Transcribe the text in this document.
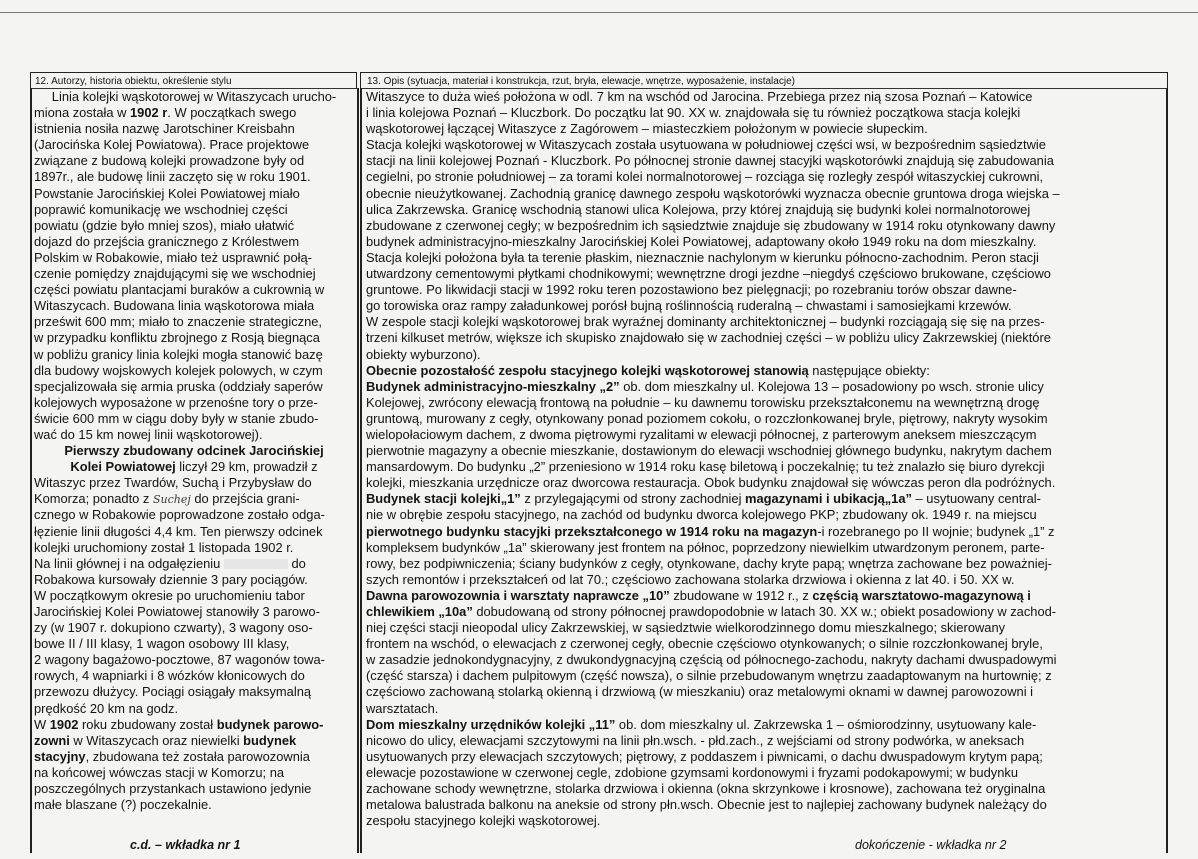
12. Autorzy, historia obiektu, określenie stylu	13. Opis (sytuacja, materiał i konstrukcja, rzut, bryła, elewacje, wnętrze, wyposażenie, instalacje)
Linia kolejki wąskotorowej w Witaszycach urucho-
miona została w 1902 r. W początkach swego
istnienia nosiła nazwę Jarotschiner Kreisbahn
(Jarocińska Kolej Powiatowa). Prace projektowe
związane z budową kolejki prowadzone były od
1897r., ale budowę linii zaczęto się w roku 1901.
Powstanie Jarocińskiej Kolei Powiatowej miało
poprawić komunikację we wschodniej części
powiatu (gdzie było mniej szos), miało ułatwić
dojazd do przejścia granicznego z Królestwem
Polskim w Robakowie, miało też usprawnić połą-
czenie pomiędzy znajdującymi się we wschodniej
części powiatu plantacjami buraków a cukrownią w
Witaszycach. Budowana linia wąskotorowa miała
prześwit 600 mm; miało to znaczenie strategiczne,
w przypadku konfliktu zbrojnego z Rosją biegnąca
w pobliżu granicy linia kolejki mogła stanowić bazę
dla budowy wojskowych kolejek polowych, w czym
specjalizowała się armia pruska (oddziały saperów
kolejowych wyposażone w przenośne tory o prze-
świcie 600 mm w ciągu doby były w stanie zbudo-
wać do 15 km nowej linii wąskotorowej).
Pierwszy zbudowany odcinek Jarocińskiej
Kolei Powiatowej liczył 29 km, prowadził z
Witaszyc przez Twardów, Suchą i Przybysław do
Komorza; ponadto z Suchej do przejścia grani-
cznego w Robakowie poprowadzone zostało odga-
łęzienie linii długości 4,4 km. Ten pierwszy odcinek
kolejki uruchomiony został 1 listopada 1902 r.
Na linii głównej i na odgałęzieniu	do
Robakowa kursowały dziennie 3 pary pociągów.
W początkowym okresie po uruchomieniu tabor
Jarocińskiej Kolei Powiatowej stanowiły 3 parowo-
zy (w 1907 r. dokupiono czwarty), 3 wagony oso-
bowe II / III klasy, 1 wagon osobowy III klasy,
2 wagony bagażowo-pocztowe, 87 wagonów towa-
rowych, 4 wapniarki i 8 wózków kłonicowych do
przewozu dłużycy. Pociągi osiągały maksymalną
prędkość 20 km na godz.
W 1902 roku zbudowany został budynek parowo-
zowni w Witaszycach oraz niewielki budynek
stacyjny, zbudowana też została parowozownia
na końcowej wówczas stacji w Komorzu; na
poszczególnych przystankach ustawiono jedynie
małe blaszane (?) poczekalnie.
Witaszyce to duża wieś położona w odl. 7 km na wschód od Jarocina. Przebiega przez nią szosa Poznań – Katowice
i linia kolejowa Poznań – Kluczbork. Do początku lat 90. XX w. znajdowała się tu również początkowa stacja kolejki
wąskotorowej łączącej Witaszyce z Zagórowem – miasteczkiem położonym w powiecie słupeckim.
Stacja kolejki wąskotorowej w Witaszycach została usytuowana w południowej części wsi, w bezpośrednim sąsiedztwie
stacji na linii kolejowej Poznań - Kluczbork. Po północnej stronie dawnej stacyjki wąskotorówki znajdują się zabudowania
cegielni, po stronie południowej – za torami kolei normalnotorowej – rozciąga się rozległy zespół witaszyckiej cukrowni,
obecnie nieużytkowanej. Zachodnią granicę dawnego zespołu wąskotorówki wyznacza obecnie gruntowa droga wiejska –
ulica Zakrzewska. Granicę wschodnią stanowi ulica Kolejowa, przy której znajdują się budynki kolei normalnotorowej
zbudowane z czerwonej cegły; w bezpośrednim ich sąsiedztwie znajduje się zbudowany w 1914 roku otynkowany dawny
budynek administracyjno-mieszkalny Jarocińskiej Kolei Powiatowej, adaptowany około 1949 roku na dom mieszkalny.
Stacja kolejki położona była ta terenie płaskim, nieznacznie nachylonym w kierunku północno-zachodnim. Peron stacji
utwardzony cementowymi płytkami chodnikowymi; wewnętrzne drogi jezdne –niegdyś częściowo brukowane, częściowo
gruntowe. Po likwidacji stacji w 1992 roku teren pozostawiono bez pielęgnacji; po rozebraniu torów obszar dawne-
go torowiska oraz rampy załadunkowej porósł bujną roślinnością ruderalną – chwastami i samosiejkami krzewów.
W zespole stacji kolejki wąskotorowej brak wyraźnej dominanty architektonicznej – budynki rozciągają się się na przes-
trzeni kilkuset metrów, większe ich skupisko znajdowało się w zachodniej części – w pobliżu ulicy Zakrzewskiej (niektóre
obiekty wyburzono).
Obecnie pozostałość zespołu stacyjnego kolejki wąskotorowej stanowią następujące obiekty:
Budynek administracyjno-mieszkalny „2” ob. dom mieszkalny ul. Kolejowa 13 – posadowiony po wsch. stronie ulicy
Kolejowej, zwrócony elewacją frontową na południe – ku dawnemu torowisku przekształconemu na wewnętrzną drogę
gruntową, murowany z cegły, otynkowany ponad poziomem cokołu, o rozczłonkowanej bryle, piętrowy, nakryty wysokim
wielopołaciowym dachem, z dwoma piętrowymi ryzalitami w elewacji północnej, z parterowym aneksem mieszczącym
pierwotnie magazyny a obecnie mieszkanie, dostawionym do elewacji wschodniej głównego budynku, nakrytym dachem
mansardowym. Do budynku „2” przeniesiono w 1914 roku kasę biletową i poczekalnię; tu też znalazło się biuro dyrekcji
kolejki, mieszkania urzędnicze oraz dworcowa restauracja. Obok budynku znajdował się wówczas peron dla podróżnych.
Budynek stacji kolejki„1” z przylegającymi od strony zachodniej magazynami i ubikacją„1a” – usytuowany central-
nie w obrębie zespołu stacyjnego, na zachód od budynku dworca kolejowego PKP; zbudowany ok. 1949 r. na miejscu
pierwotnego budynku stacyjki przekształconego w 1914 roku na magazyn-i rozebranego po II wojnie; budynek „1” z
kompleksem budynków „1a” skierowany jest frontem na północ, poprzedzony niewielkim utwardzonym peronem, parte-
rowy, bez podpiwniczenia; ściany budynków z cegły, otynkowane, dachy kryte papą; wnętrza zachowane bez poważniej-
szych remontów i przekształceń od lat 70.; częściowo zachowana stolarka drzwiowa i okienna z lat 40. i 50. XX w.
Dawna parowozownia i warsztaty naprawcze „10” zbudowane w 1912 r., z częścią warsztatowo-magazynową i
chlewikiem „10a” dobudowaną od strony północnej prawdopodobnie w latach 30. XX w.; obiekt posadowiony w zachod-
niej części stacji nieopodal ulicy Zakrzewskiej, w sąsiedztwie wielkorodzinnego domu mieszkalnego; skierowany
frontem na wschód, o elewacjach z czerwonej cegły, obecnie częściowo otynkowanych; o silnie rozczłonkowanej bryle,
w zasadzie jednokondygnacyjny, z dwukondygnacyjną częścią od północnego-zachodu, nakryty dachami dwuspadowymi
(część starsza) i dachem pulpitowym (część nowsza), o silnie przebudowanym wnętrzu zaadaptowanym na hurtownię; z
częściowo zachowaną stolarką okienną i drzwiową (w mieszkaniu) oraz metalowymi oknami w dawnej parowozowni i
warsztatach.
Dom mieszkalny urzędników kolejki „11” ob. dom mieszkalny ul. Zakrzewska 1 – ośmiorodzinny, usytuowany kale-
nicowo do ulicy, elewacjami szczytowymi na linii płn.wsch. - płd.zach., z wejściami od strony podwórka, w aneksach
usytuowanych przy elewacjach szczytowych; piętrowy, z poddaszem i piwnicami, o dachu dwuspadowym krytym papą;
elewacje pozostawione w czerwonej cegle, zdobione gzymsami kordonowymi i fryzami podokapowymi; w budynku
zachowane schody wewnętrzne, stolarka drzwiowa i okienna (okna skrzynkowe i krosnowe), zachowana też oryginalna
metalowa balustrada balkonu na aneksie od strony płn.wsch. Obecnie jest to najlepiej zachowany budynek należący do
zespołu stacyjnego kolejki wąskotorowej.
c.d. – wkładka nr 1	dokończenie - wkładka nr 2
